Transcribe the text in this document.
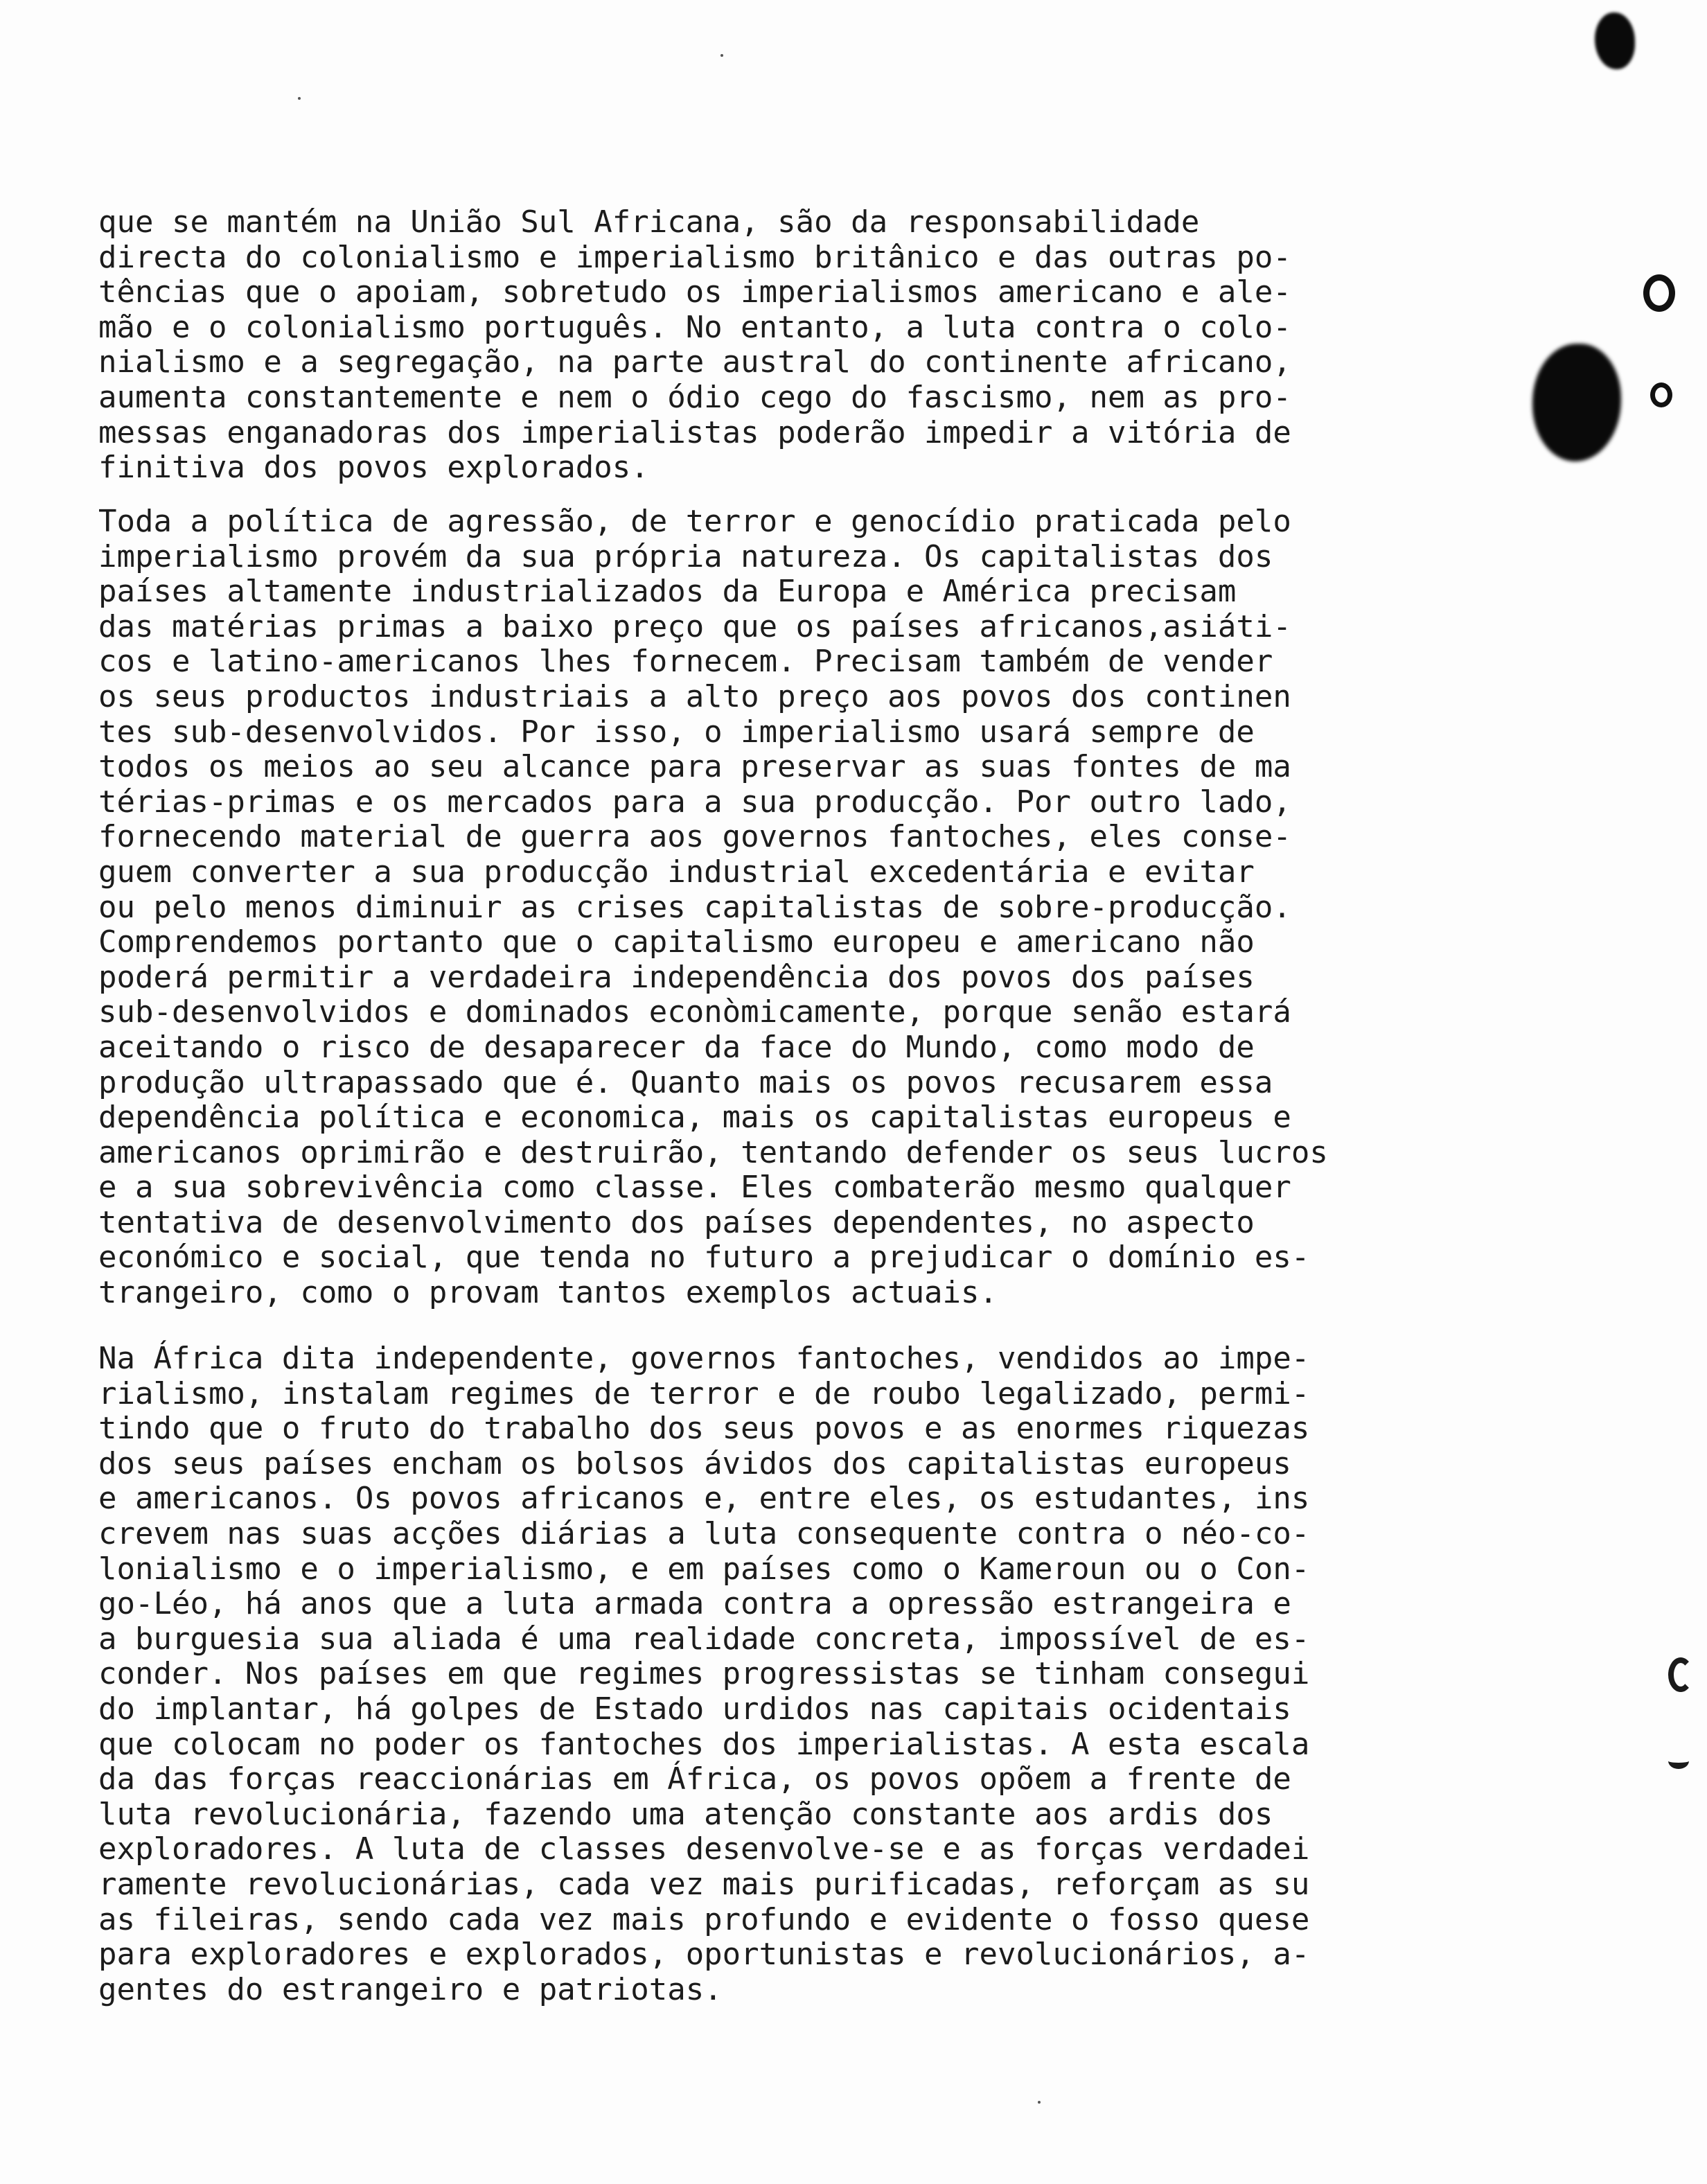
que se mantém na União Sul Africana, são da responsabilidade
directa do colonialismo e imperialismo britânico e das outras po-
tências que o apoiam, sobretudo os imperialismos americano e ale-
mão e o colonialismo português. No entanto, a luta contra o colo-
nialismo e a segregação, na parte austral do continente africano,
aumenta constantemente e nem o ódio cego do fascismo, nem as pro-
messas enganadoras dos imperialistas poderão impedir a vitória de
finitiva dos povos explorados.
Toda a política de agressão, de terror e genocídio praticada pelo
imperialismo provém da sua própria natureza. Os capitalistas dos
países altamente industrializados da Europa e América precisam
das matérias primas a baixo preço que os países africanos,asiáti-
cos e latino-americanos lhes fornecem. Precisam também de vender
os seus productos industriais a alto preço aos povos dos continen
tes sub-desenvolvidos. Por isso, o imperialismo usará sempre de
todos os meios ao seu alcance para preservar as suas fontes de ma
térias-primas e os mercados para a sua producção. Por outro lado,
fornecendo material de guerra aos governos fantoches, eles conse-
guem converter a sua producção industrial excedentária e evitar
ou pelo menos diminuir as crises capitalistas de sobre-producção.
Comprendemos portanto que o capitalismo europeu e americano não
poderá permitir a verdadeira independência dos povos dos países
sub-desenvolvidos e dominados econòmicamente, porque senão estará
aceitando o risco de desaparecer da face do Mundo, como modo de
produção ultrapassado que é. Quanto mais os povos recusarem essa
dependência política e economica, mais os capitalistas europeus e
americanos oprimirão e destruirão, tentando defender os seus lucros
e a sua sobrevivência como classe. Eles combaterão mesmo qualquer
tentativa de desenvolvimento dos países dependentes, no aspecto
económico e social, que tenda no futuro a prejudicar o domínio es-
trangeiro, como o provam tantos exemplos actuais.
Na África dita independente, governos fantoches, vendidos ao impe-
rialismo, instalam regimes de terror e de roubo legalizado, permi-
tindo que o fruto do trabalho dos seus povos e as enormes riquezas
dos seus países encham os bolsos ávidos dos capitalistas europeus
e americanos. Os povos africanos e, entre eles, os estudantes, ins
crevem nas suas acções diárias a luta consequente contra o néo-co-
lonialismo e o imperialismo, e em países como o Kameroun ou o Con-
go-Léo, há anos que a luta armada contra a opressão estrangeira e
a burguesia sua aliada é uma realidade concreta, impossível de es-
conder. Nos países em que regimes progressistas se tinham consegui
do implantar, há golpes de Estado urdidos nas capitais ocidentais
que colocam no poder os fantoches dos imperialistas. A esta escala
da das forças reaccionárias em África, os povos opõem a frente de
luta revolucionária, fazendo uma atenção constante aos ardis dos
exploradores. A luta de classes desenvolve-se e as forças verdadei
ramente revolucionárias, cada vez mais purificadas, reforçam as su
as fileiras, sendo cada vez mais profundo e evidente o fosso quese
para exploradores e explorados, oportunistas e revolucionários, a-
gentes do estrangeiro e patriotas.
